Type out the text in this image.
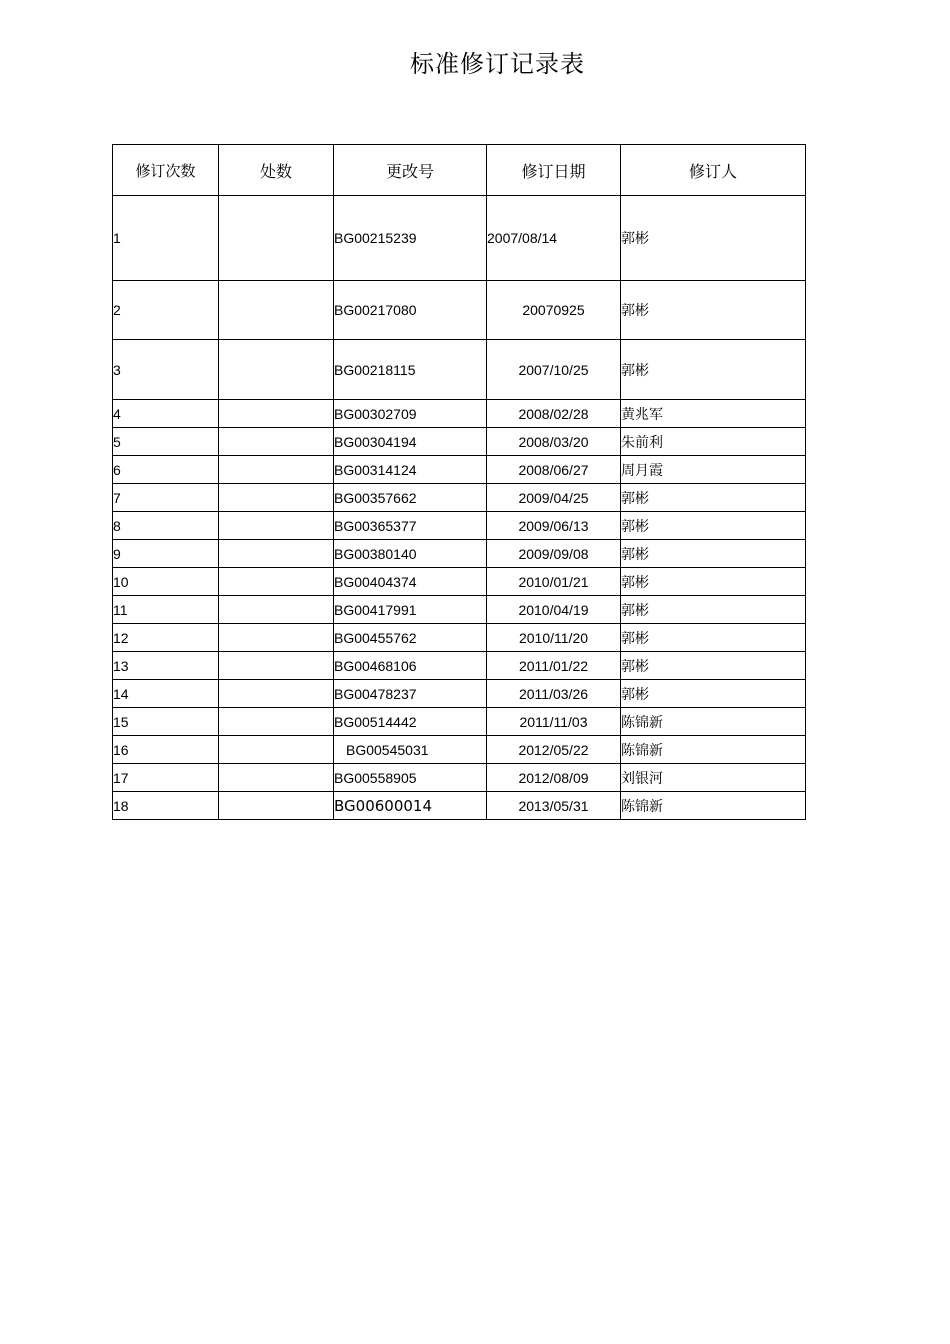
标准修订记录表
修订次数	处数	更改号	修订日期	修订人
1		BG00215239	2007/08/14	郭彬
2		BG00217080	20070925	郭彬
3		BG00218115	2007/10/25	郭彬
4		BG00302709	2008/02/28	黄兆军
5		BG00304194	2008/03/20	朱前利
6		BG00314124	2008/06/27	周月霞
7		BG00357662	2009/04/25	郭彬
8		BG00365377	2009/06/13	郭彬
9		BG00380140	2009/09/08	郭彬
10		BG00404374	2010/01/21	郭彬
11		BG00417991	2010/04/19	郭彬
12		BG00455762	2010/11/20	郭彬
13		BG00468106	2011/01/22	郭彬
14		BG00478237	2011/03/26	郭彬
15		BG00514442	2011/11/03	陈锦新
16		BG00545031	2012/05/22	陈锦新
17		BG00558905	2012/08/09	刘银河
18		BG00600014	2013/05/31	陈锦新
